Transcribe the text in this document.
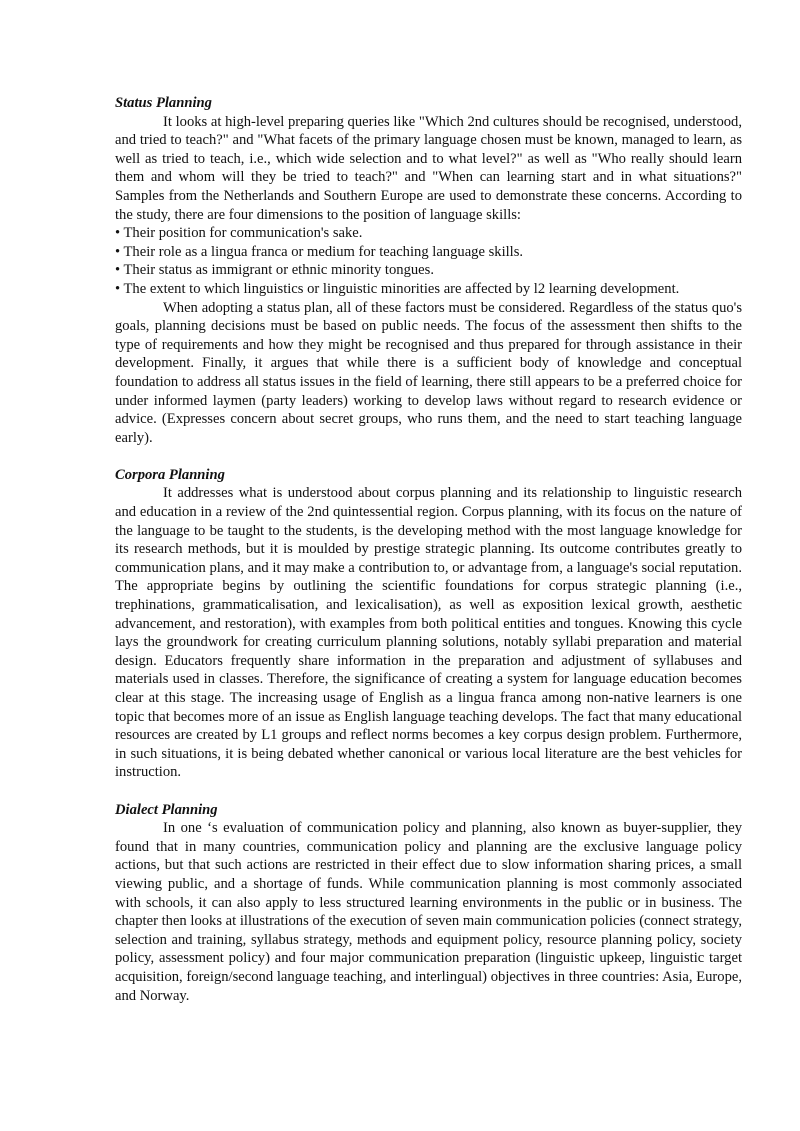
Status Planning

It looks at high-level preparing queries like "Which 2nd cultures should be recognised, understood, and tried to teach?" and "What facets of the primary language chosen must be known, managed to learn, as well as tried to teach, i.e., which wide selection and to what level?" as well as "Who really should learn them and whom will they be tried to teach?" and "When can learning start and in what situations?" Samples from the Netherlands and Southern Europe are used to demonstrate these concerns. According to the study, there are four dimensions to the position of language skills:

• Their position for communication's sake.
• Their role as a lingua franca or medium for teaching language skills.
• Their status as immigrant or ethnic minority tongues.
• The extent to which linguistics or linguistic minorities are affected by l2 learning development.

When adopting a status plan, all of these factors must be considered. Regardless of the status quo's goals, planning decisions must be based on public needs. The focus of the assessment then shifts to the type of requirements and how they might be recognised and thus prepared for through assistance in their development. Finally, it argues that while there is a sufficient body of knowledge and conceptual foundation to address all status issues in the field of learning, there still appears to be a preferred choice for under informed laymen (party leaders) working to develop laws without regard to research evidence or advice. (Expresses concern about secret groups, who runs them, and the need to start teaching language early).

Corpora Planning

It addresses what is understood about corpus planning and its relationship to linguistic research and education in a review of the 2nd quintessential region. Corpus planning, with its focus on the nature of the language to be taught to the students, is the developing method with the most language knowledge for its research methods, but it is moulded by prestige strategic planning. Its outcome contributes greatly to communication plans, and it may make a contribution to, or advantage from, a language's social reputation. The appropriate begins by outlining the scientific foundations for corpus strategic planning (i.e., trephinations, grammaticalisation, and lexicalisation), as well as exposition lexical growth, aesthetic advancement, and restoration), with examples from both political entities and tongues. Knowing this cycle lays the groundwork for creating curriculum planning solutions, notably syllabi preparation and material design. Educators frequently share information in the preparation and adjustment of syllabuses and materials used in classes. Therefore, the significance of creating a system for language education becomes clear at this stage. The increasing usage of English as a lingua franca among non-native learners is one topic that becomes more of an issue as English language teaching develops. The fact that many educational resources are created by L1 groups and reflect norms becomes a key corpus design problem. Furthermore, in such situations, it is being debated whether canonical or various local literature are the best vehicles for instruction.

Dialect Planning

In one ‘s evaluation of communication policy and planning, also known as buyer-supplier, they found that in many countries, communication policy and planning are the exclusive language policy actions, but that such actions are restricted in their effect due to slow information sharing prices, a small viewing public, and a shortage of funds. While communication planning is most commonly associated with schools, it can also apply to less structured learning environments in the public or in business. The chapter then looks at illustrations of the execution of seven main communication policies (connect strategy, selection and training, syllabus strategy, methods and equipment policy, resource planning policy, society policy, assessment policy) and four major communication preparation (linguistic upkeep, linguistic target acquisition, foreign/second language teaching, and interlingual) objectives in three countries: Asia, Europe, and Norway.
